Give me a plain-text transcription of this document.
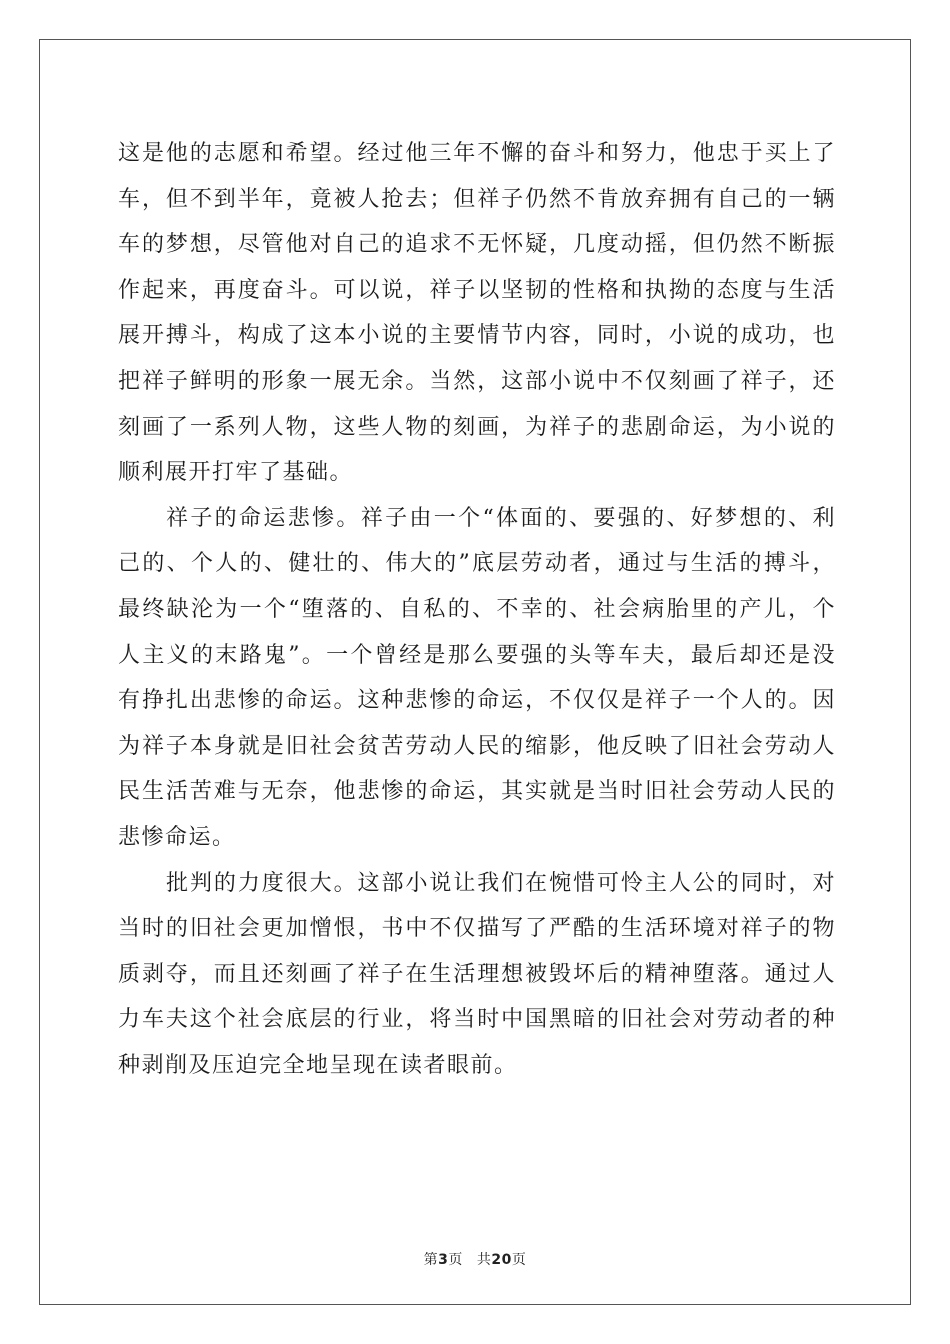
这是他的志愿和希望。经过他三年不懈的奋斗和努力，他忠于买上了
车，但不到半年，竟被人抢去；但祥子仍然不肯放弃拥有自己的一辆
车的梦想，尽管他对自己的追求不无怀疑，几度动摇，但仍然不断振
作起来，再度奋斗。可以说，祥子以坚韧的性格和执拗的态度与生活
展开搏斗，构成了这本小说的主要情节内容，同时，小说的成功，也
把祥子鲜明的形象一展无余。当然，这部小说中不仅刻画了祥子，还
刻画了一系列人物，这些人物的刻画，为祥子的悲剧命运，为小说的
顺利展开打牢了基础。
祥子的命运悲惨。祥子由一个“体面的、要强的、好梦想的、利
己的、个人的、健壮的、伟大的”底层劳动者，通过与生活的搏斗，
最终缺沦为一个“堕落的、自私的、不幸的、社会病胎里的产儿，个
人主义的末路鬼”。一个曾经是那么要强的头等车夫，最后却还是没
有挣扎出悲惨的命运。这种悲惨的命运，不仅仅是祥子一个人的。因
为祥子本身就是旧社会贫苦劳动人民的缩影，他反映了旧社会劳动人
民生活苦难与无奈，他悲惨的命运，其实就是当时旧社会劳动人民的
悲惨命运。
批判的力度很大。这部小说让我们在惋惜可怜主人公的同时，对
当时的旧社会更加憎恨，书中不仅描写了严酷的生活环境对祥子的物
质剥夺，而且还刻画了祥子在生活理想被毁坏后的精神堕落。通过人
力车夫这个社会底层的行业，将当时中国黑暗的旧社会对劳动者的种
种剥削及压迫完全地呈现在读者眼前。
第3页 共20页
